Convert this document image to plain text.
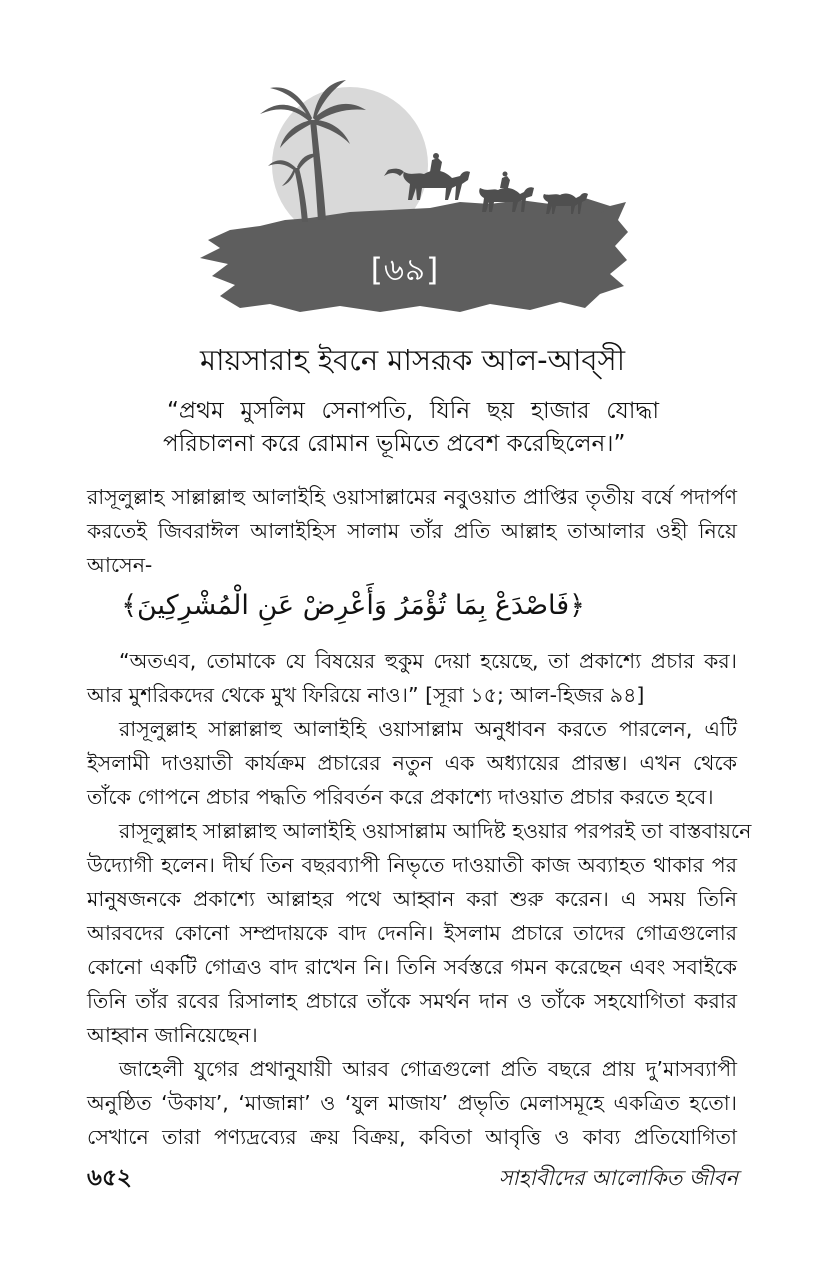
[৬৯]
মায়সারাহ ইবনে মাসরূক আল-আব্সী
“প্রথম মুসলিম সেনাপতি, যিনি ছয় হাজার যোদ্ধা
পরিচালনা করে রোমান ভূমিতে প্রবেশ করেছিলেন।”

রাসূলুল্লাহ সাল্লাল্লাহু আলাইহি ওয়াসাল্লামের নবুওয়াত প্রাপ্তির তৃতীয় বর্ষে পদার্পণ
করতেই জিবরাঈল আলাইহিস সালাম তাঁর প্রতি আল্লাহ তাআলার ওহী নিয়ে
আসেন-

﴿فَاصْدَعْ بِمَا تُؤْمَرُ وَأَعْرِضْ عَنِ الْمُشْرِكِينَ﴾

“অতএব, তোমাকে যে বিষয়ের হুকুম দেয়া হয়েছে, তা প্রকাশ্যে প্রচার কর।
আর মুশরিকদের থেকে মুখ ফিরিয়ে নাও।” [সূরা ১৫; আল-হিজর ৯৪]

রাসূলুল্লাহ সাল্লাল্লাহু আলাইহি ওয়াসাল্লাম অনুধাবন করতে পারলেন, এটি
ইসলামী দাওয়াতী কার্যক্রম প্রচারের নতুন এক অধ্যায়ের প্রারম্ভ। এখন থেকে
তাঁকে গোপনে প্রচার পদ্ধতি পরিবর্তন করে প্রকাশ্যে দাওয়াত প্রচার করতে হবে।

রাসূলুল্লাহ সাল্লাল্লাহু আলাইহি ওয়াসাল্লাম আদিষ্ট হওয়ার পরপরই তা বাস্তবায়নে
উদ্যোগী হলেন। দীর্ঘ তিন বছরব্যাপী নিভৃতে দাওয়াতী কাজ অব্যাহত থাকার পর
মানুষজনকে প্রকাশ্যে আল্লাহর পথে আহ্বান করা শুরু করেন। এ সময় তিনি
আরবদের কোনো সম্প্রদায়কে বাদ দেননি। ইসলাম প্রচারে তাদের গোত্রগুলোর
কোনো একটি গোত্রও বাদ রাখেন নি। তিনি সর্বস্তরে গমন করেছেন এবং সবাইকে
তিনি তাঁর রবের রিসালাহ প্রচারে তাঁকে সমর্থন দান ও তাঁকে সহযোগিতা করার
আহ্বান জানিয়েছেন।

জাহেলী যুগের প্রথানুযায়ী আরব গোত্রগুলো প্রতি বছরে প্রায় দু’মাসব্যাপী
অনুষ্ঠিত ‘উকায’, ‘মাজান্না’ ও ‘যুল মাজায’ প্রভৃতি মেলাসমূহে একত্রিত হতো।
সেখানে তারা পণ্যদ্রব্যের ক্রয় বিক্রয়, কবিতা আবৃত্তি ও কাব্য প্রতিযোগিতা

৬৫২	সাহাবীদের আলোকিত জীবন
